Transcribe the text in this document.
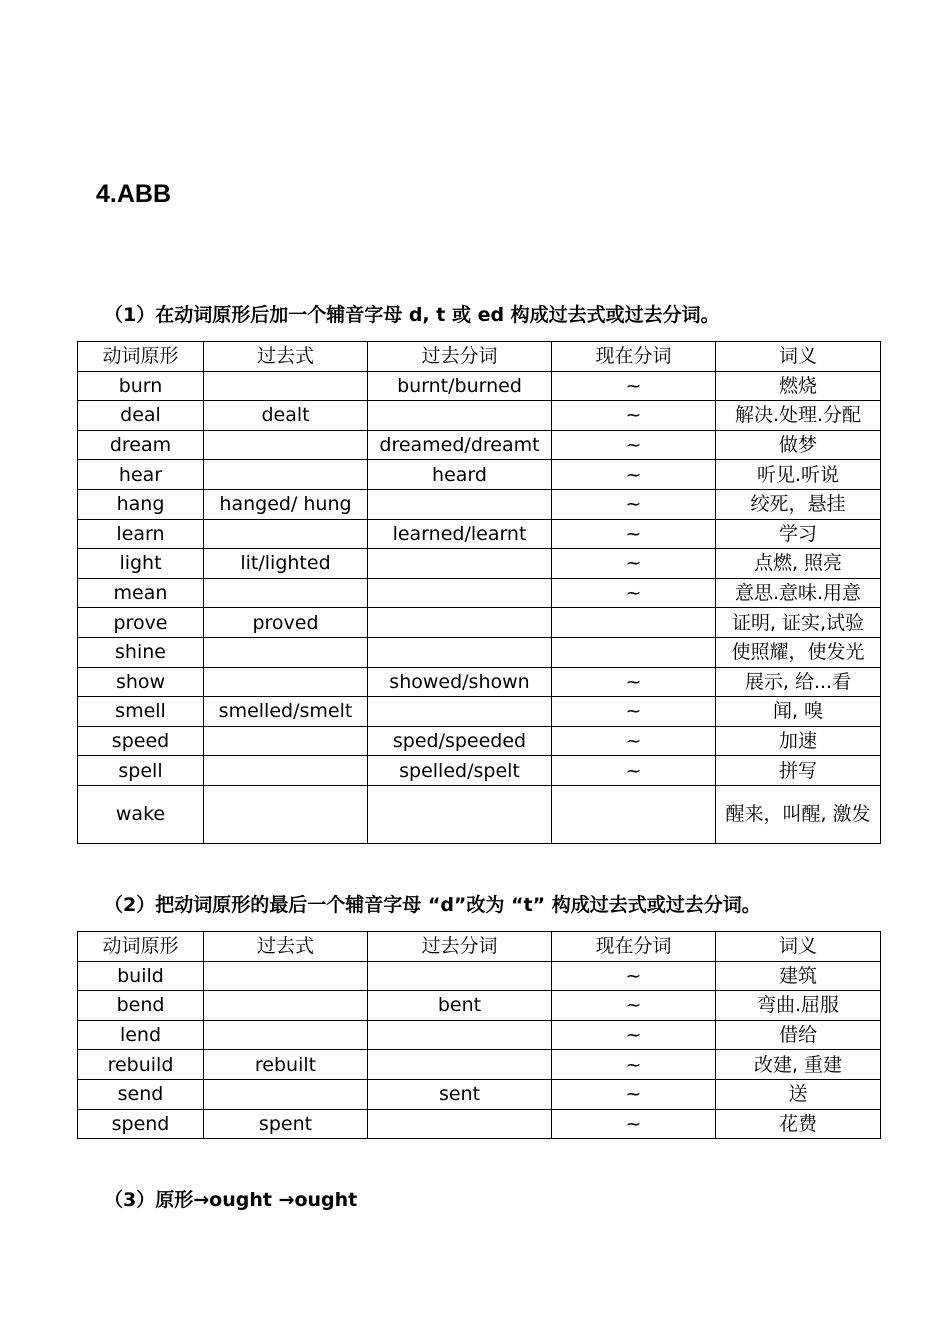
4.ABB
（1）在动词原形后加一个辅音字母 d, t 或 ed 构成过去式或过去分词。
动词原形	过去式	过去分词	现在分词	词义
burn		burnt/burned	~	燃烧
deal	dealt		~	解决.处理.分配
dream		dreamed/dreamt	~	做梦
hear		heard	~	听见.听说
hang	hanged/ hung		~	绞死，悬挂
learn		learned/learnt	~	学习
light	lit/lighted		~	点燃, 照亮
mean			~	意思.意味.用意
prove	proved			证明, 证实,试验
shine				使照耀，使发光
show		showed/shown	~	展示, 给...看
smell	smelled/smelt		~	闻, 嗅
speed		sped/speeded	~	加速
spell		spelled/spelt	~	拼写
wake				醒来，叫醒, 激发
（2）把动词原形的最后一个辅音字母 “d”改为 “t” 构成过去式或过去分词。
动词原形	过去式	过去分词	现在分词	词义
build			~	建筑
bend		bent	~	弯曲.屈服
lend			~	借给
rebuild	rebuilt		~	改建, 重建
send		sent	~	送
spend	spent		~	花费
（3）原形→ought →ought
